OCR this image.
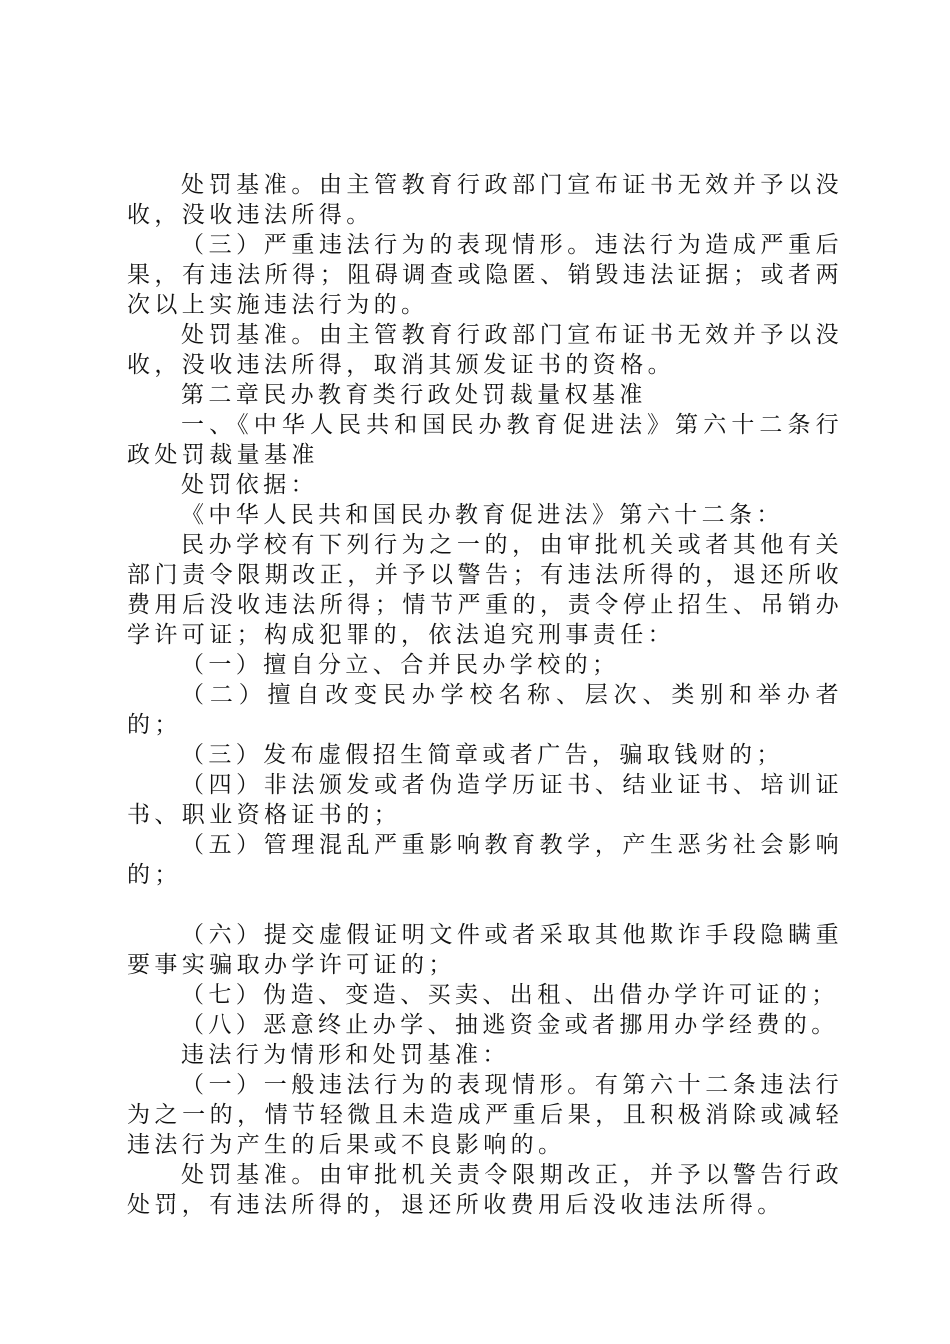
处罚基准。由主管教育行政部门宣布证书无效并予以没收，没收违法所得。

（三）严重违法行为的表现情形。违法行为造成严重后果，有违法所得；阻碍调查或隐匿、销毁违法证据；或者两次以上实施违法行为的。

处罚基准。由主管教育行政部门宣布证书无效并予以没收，没收违法所得，取消其颁发证书的资格。

第二章民办教育类行政处罚裁量权基准

一、《中华人民共和国民办教育促进法》第六十二条行政处罚裁量基准

处罚依据：

《中华人民共和国民办教育促进法》第六十二条：

民办学校有下列行为之一的，由审批机关或者其他有关部门责令限期改正，并予以警告；有违法所得的，退还所收费用后没收违法所得；情节严重的，责令停止招生、吊销办学许可证；构成犯罪的，依法追究刑事责任：

（一）擅自分立、合并民办学校的；

（二）擅自改变民办学校名称、层次、类别和举办者的；

（三）发布虚假招生简章或者广告，骗取钱财的；

（四）非法颁发或者伪造学历证书、结业证书、培训证书、职业资格证书的；

（五）管理混乱严重影响教育教学，产生恶劣社会影响的；

（六）提交虚假证明文件或者采取其他欺诈手段隐瞒重要事实骗取办学许可证的；

（七）伪造、变造、买卖、出租、出借办学许可证的；

（八）恶意终止办学、抽逃资金或者挪用办学经费的。

违法行为情形和处罚基准：

（一）一般违法行为的表现情形。有第六十二条违法行为之一的，情节轻微且未造成严重后果，且积极消除或减轻违法行为产生的后果或不良影响的。

处罚基准。由审批机关责令限期改正，并予以警告行政处罚，有违法所得的，退还所收费用后没收违法所得。
